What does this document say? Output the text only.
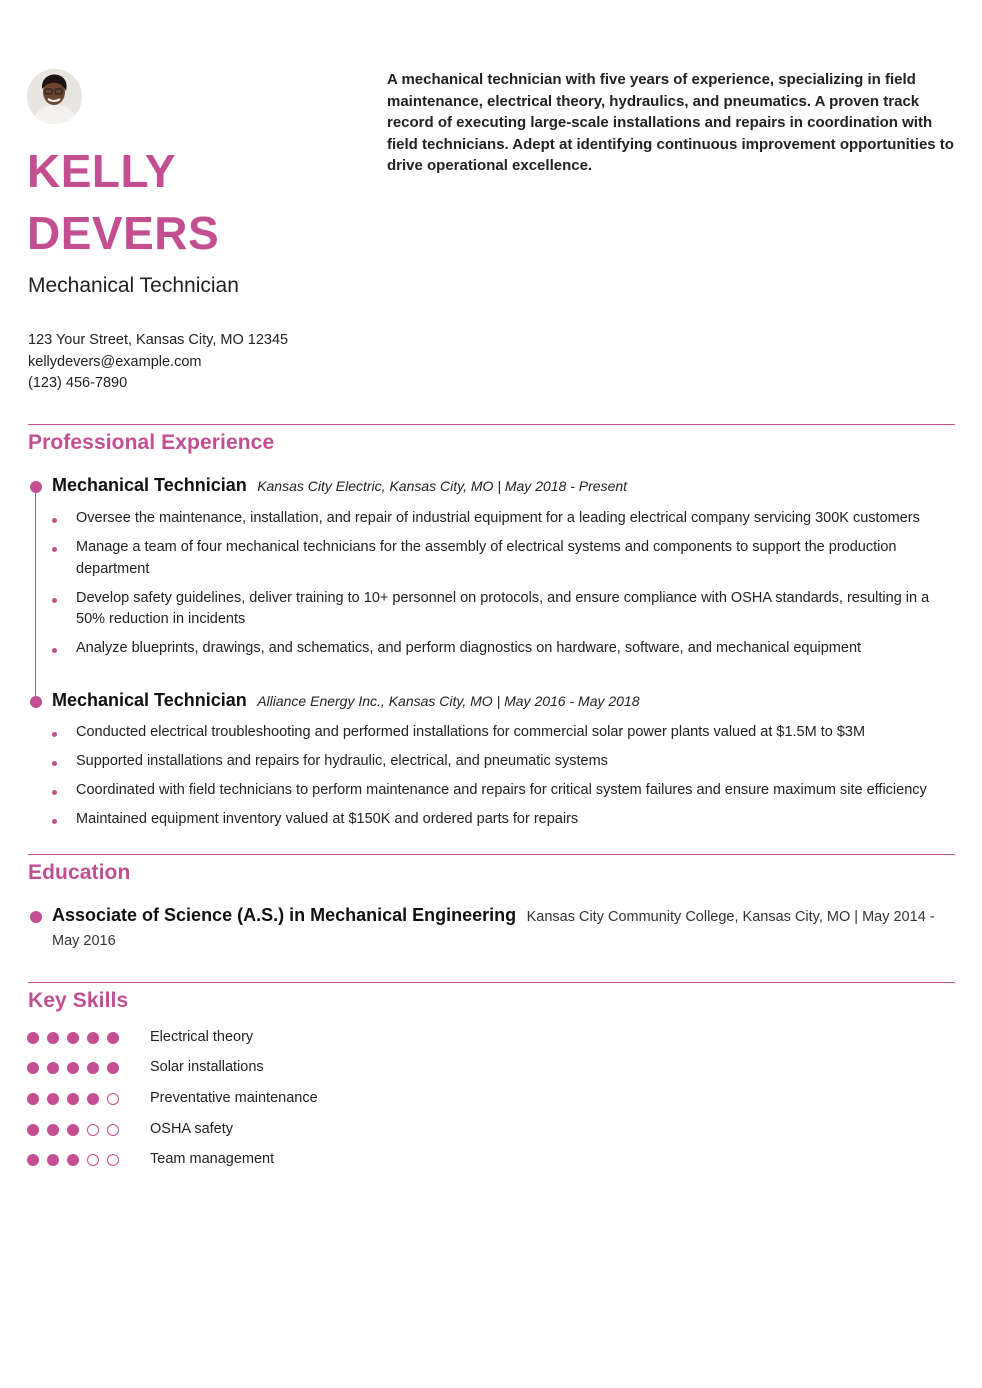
KELLY
DEVERS
Mechanical Technician
123 Your Street, Kansas City, MO 12345
kellydevers@example.com
(123) 456-7890
A mechanical technician with five years of experience, specializing in field maintenance, electrical theory, hydraulics, and pneumatics. A proven track record of executing large-scale installations and repairs in coordination with field technicians. Adept at identifying continuous improvement opportunities to drive operational excellence.
Professional Experience
Mechanical Technician Kansas City Electric, Kansas City, MO | May 2018 - Present
Oversee the maintenance, installation, and repair of industrial equipment for a leading electrical company servicing 300K customers
Manage a team of four mechanical technicians for the assembly of electrical systems and components to support the production department
Develop safety guidelines, deliver training to 10+ personnel on protocols, and ensure compliance with OSHA standards, resulting in a 50% reduction in incidents
Analyze blueprints, drawings, and schematics, and perform diagnostics on hardware, software, and mechanical equipment
Mechanical Technician Alliance Energy Inc., Kansas City, MO | May 2016 - May 2018
Conducted electrical troubleshooting and performed installations for commercial solar power plants valued at $1.5M to $3M
Supported installations and repairs for hydraulic, electrical, and pneumatic systems
Coordinated with field technicians to perform maintenance and repairs for critical system failures and ensure maximum site efficiency
Maintained equipment inventory valued at $150K and ordered parts for repairs
Education
Associate of Science (A.S.) in Mechanical Engineering Kansas City Community College, Kansas City, MO | May 2014 - May 2016
Key Skills
Electrical theory
Solar installations
Preventative maintenance
OSHA safety
Team management
